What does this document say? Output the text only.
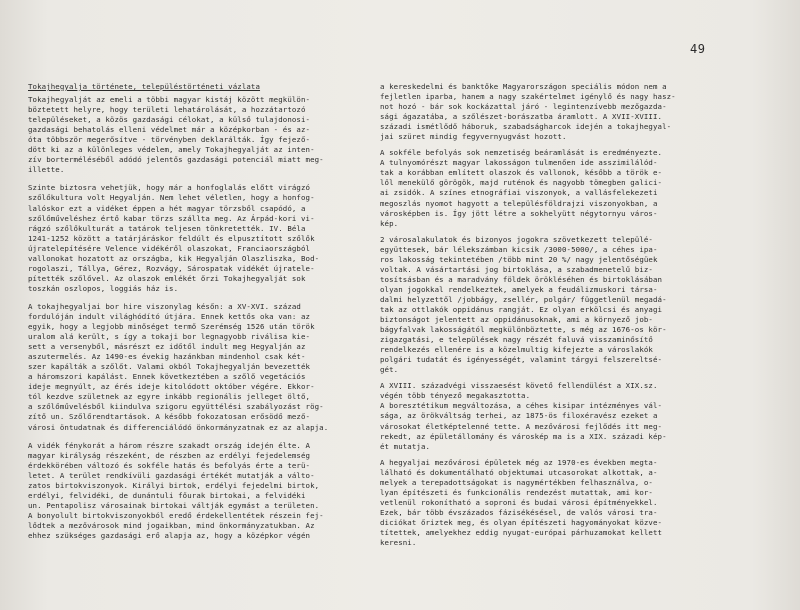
49
Tokajhegyalja története, településtörténeti vázlata
Tokajhegyalját az emeli a többi magyar kistáj között megkülön-
böztetett helyre, hogy területi lehatárolását, a hozzátartozó
településeket, a közös gazdasági célokat, a külső tulajdonosi-
gazdasági behatolás elleni védelmet már a középkorban - és az-
óta többször megerősítve - törvényben deklarálták. Így fejező-
dött ki az a különleges védelem, amely Tokajhegyalját az inten-
zív borterméléséből adódó jelentős gazdasági potenciál miatt meg-
illette.
Szinte biztosra vehetjük, hogy már a honfoglalás előtt virágzó
szőlőkultura volt Hegyalján. Nem lehet véletlen, hogy a honfog-
lalóskor ezt a vidéket éppen a hét magyar törzsből csapódó, a
szőlőműveléshez értő kabar törzs szállta meg. Az Árpád-kori vi-
rágzó szőlőkulturát a tatárok teljesen tönkretették. IV. Béla
1241-1252 között a tatárjáráskor feldúlt és elpusztított szőlők
újratelepítésére Velence vidékéről olaszokat, Franciaországból
vallonokat hozatott az országba, kik Hegyalján Olaszliszka, Bod-
rogolaszi, Tállya, Gérez, Rozvágy, Sárospatak vidékét újratele-
pítették szőlővel. Az olaszok emlékét őrzi Tokajhegyalját sok
toszkán oszlopos, loggiás ház is.
A tokajhegyaljai bor hire viszonylag későn: a XV-XVI. század
fordulóján indult világhódító útjára. Ennek kettős oka van: az
egyik, hogy a legjobb minőséget termő Szerémség 1526 után török
uralom alá került, s így a tokaji bor legnagyobb riválisa kie-
sett a versenyből, másrészt ez időtől indult meg Hegyalján az
aszutermelés. Az 1490-es évekig hazánkban mindenhol csak két-
szer kapálták a szőlőt. Valami okból Tokajhegyalján bevezették
a háromszori kapálást. Ennek következtében a szőlő vegetációs
ideje megnyúlt, az érés ideje kitolódott október végére. Ekkor-
tól kezdve születnek az egyre inkább regionális jelleget öltő,
a szőlőművelésből kiindulva szigoru együttélési szabályozást rög-
zítő un. Szőlőrendtartások. A később fokozatosan erősödő mező-
városi öntudatnak és differenciálódó önkormányzatnak ez az alapja.
A vidék fénykorát a három részre szakadt ország idején élte. A
magyar királyság részeként, de részben az erdélyi fejedelemség
érdekkörében változó és sokféle hatás és befolyás érte a terü-
letet. A terület rendkívüli gazdasági értékét mutatják a válto-
zatos birtokviszonyok. Királyi birtok, erdélyi fejedelmi birtok,
erdélyi, felvidéki, de dunántuli főurak birtokai, a felvidéki
un. Pentapolisz városainak birtokai váltják egymást a területen.
A bonyolult birtokviszonyokból eredő érdekellentétek részein fej-
lődtek a mezővárosok mind jogaikban, mind önkormányzatukban. Az
ehhez szükséges gazdasági erő alapja az, hogy a középkor végén
a kereskedelmi és banktőke Magyarországon speciális módon nem a
fejletlen iparba, hanem a nagy szakértelmet igénylő és nagy hasz-
not hozó - bár sok kockázattal járó - legintenzívebb mezőgazda-
sági ágazatába, a szőlészet-borászatba áramlott. A XVII-XVIII.
századi ismétlődő háboruk, szabadságharcok idején a tokajhegyal-
jai szüret mindig fegyvernyugvást hozott.
A sokféle befolyás sok nemzetiség beáramlását is eredményezte.
A tulnyomórészt magyar lakosságon tulmenően ide asszimilálód-
tak a korábban említett olaszok és vallonok, később a török e-
lől menekülő görögök, majd ruténok és nagyobb tömegben galici-
ai zsidók. A színes etnográfiai viszonyok, a vallásfelekezeti
megoszlás nyomot hagyott a településföldrajzi viszonyokban, a
városképben is. Így jött létre a sokhelyütt négytornyu város-
kép.
2 városalakulatok és bizonyos jogokra szövetkezett települé-
együttesek, bár lélekszámban kicsik /3000-5000/, a céhes ipa-
ros lakosság tekintetében /több mint 20 %/ nagy jelentőségüek
voltak. A vásártartási jog birtoklása, a szabadmenetelű biz-
tosítsásban és a maradvány földek örökléséhen és birtoklásában
olyan jogokkal rendelkeztek, amelyek a feudálizmuskori társa-
dalmi helyzettől /jobbágy, zsellér, polgár/ függetlenül megadá-
tak az ottlakók oppidánus rangját. Ez olyan erkölcsi és anyagi
biztonságot jelentett az oppidánusoknak, ami a környező job-
bágyfalvak lakosságától megkülönböztette, s még az 1676-os kör-
zigazgatási, e települések nagy részét faluvá visszaminősítő
rendelkezés ellenére is a közelmultig kifejezte a városlakók
polgári tudatát és igényességét, valamint tárgyi felszereltsé-
gét.
A XVIII. századvégi visszaesést követő fellendülést a XIX.sz.
végén több tényező megakasztotta.
A boresztétikum megváltozása, a céhes kisipar intézményes vál-
sága, az örökváltság terhei, az 1875-ös filoxéravész ezeket a
városokat életképtelenné tette. A mezővárosi fejlődés itt meg-
rekedt, az épületállomány és városkép ma is a XIX. századi kép-
ét mutatja.
A hegyaljai mezővárosi épületek még az 1970-es években megta-
lálható és dokumentálható objektumai utcasorokat alkottak, a-
melyek a terepadottságokat is nagymértékben felhasználva, o-
lyan építészeti és funkcionális rendezést mutattak, ami kor-
vetlenül rokonítható a soproni és budai városi építményekkel.
Ezek, bár több évszázados fázisékésésel, de valós városi tra-
diciókat őriztek meg, és olyan építészeti hagyományokat közve-
títettek, amelyekhez eddig nyugat-európai párhuzamokat kellett
keresni.
